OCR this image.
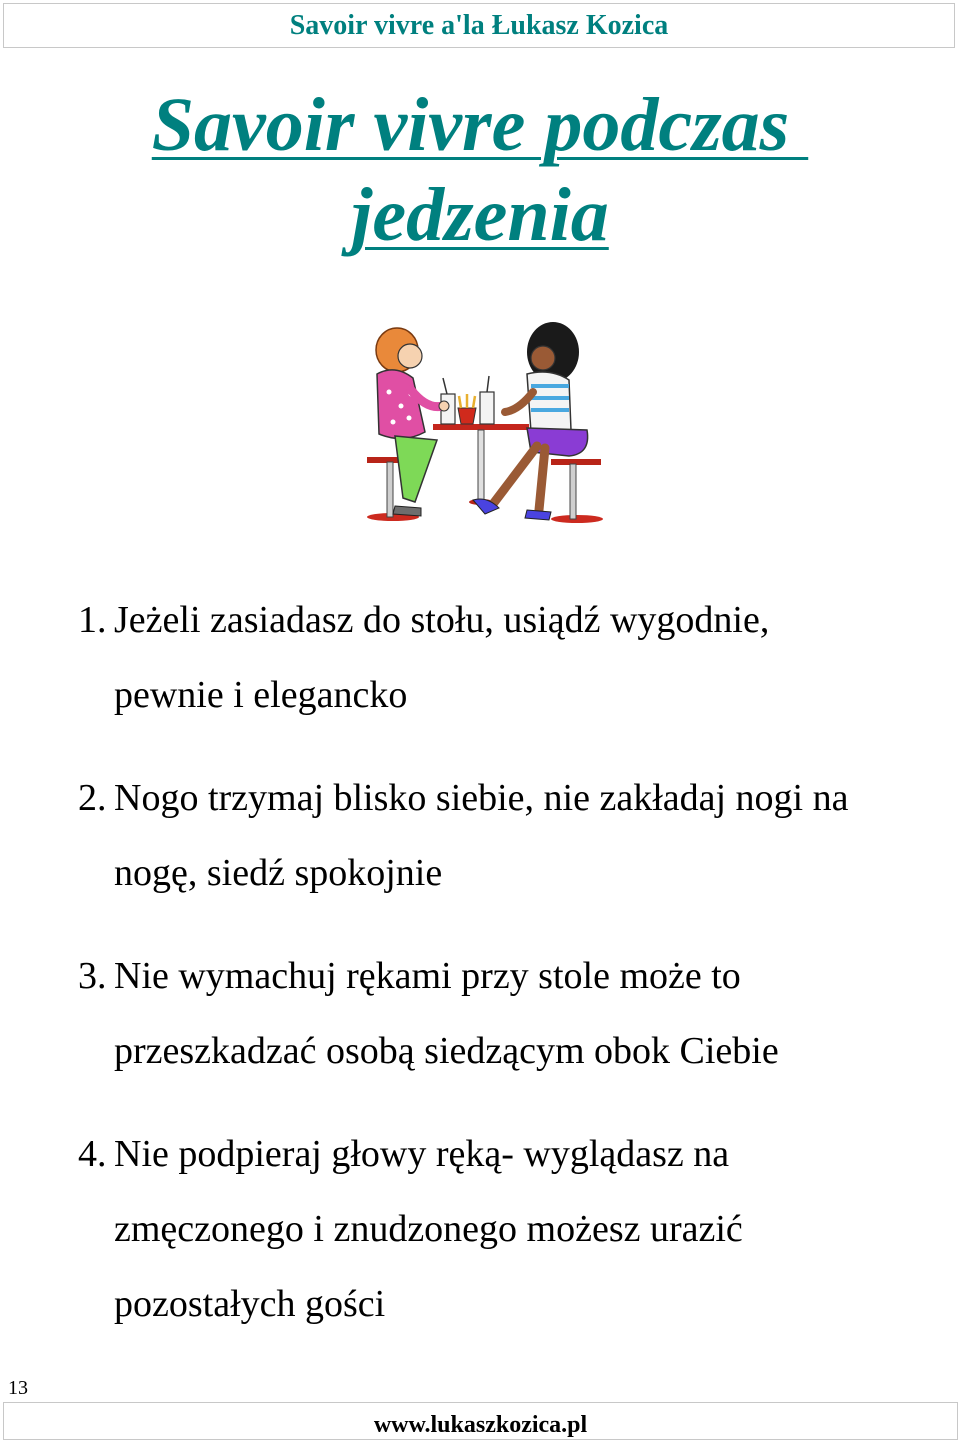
Savoir vivre a'la Łukasz Kozica
Savoir vivre podczas
jedzenia
1. Jeżeli zasiadasz do stołu, usiądź wygodnie,
pewnie i elegancko
2. Nogo trzymaj blisko siebie, nie zakładaj nogi na
nogę, siedź spokojnie
3. Nie wymachuj rękami przy stole może to
przeszkadzać osobą siedzącym obok Ciebie
4. Nie podpieraj głowy ręką- wyglądasz na
zmęczonego i znudzonego możesz urazić
pozostałych gości
13
www.lukaszkozica.pl
